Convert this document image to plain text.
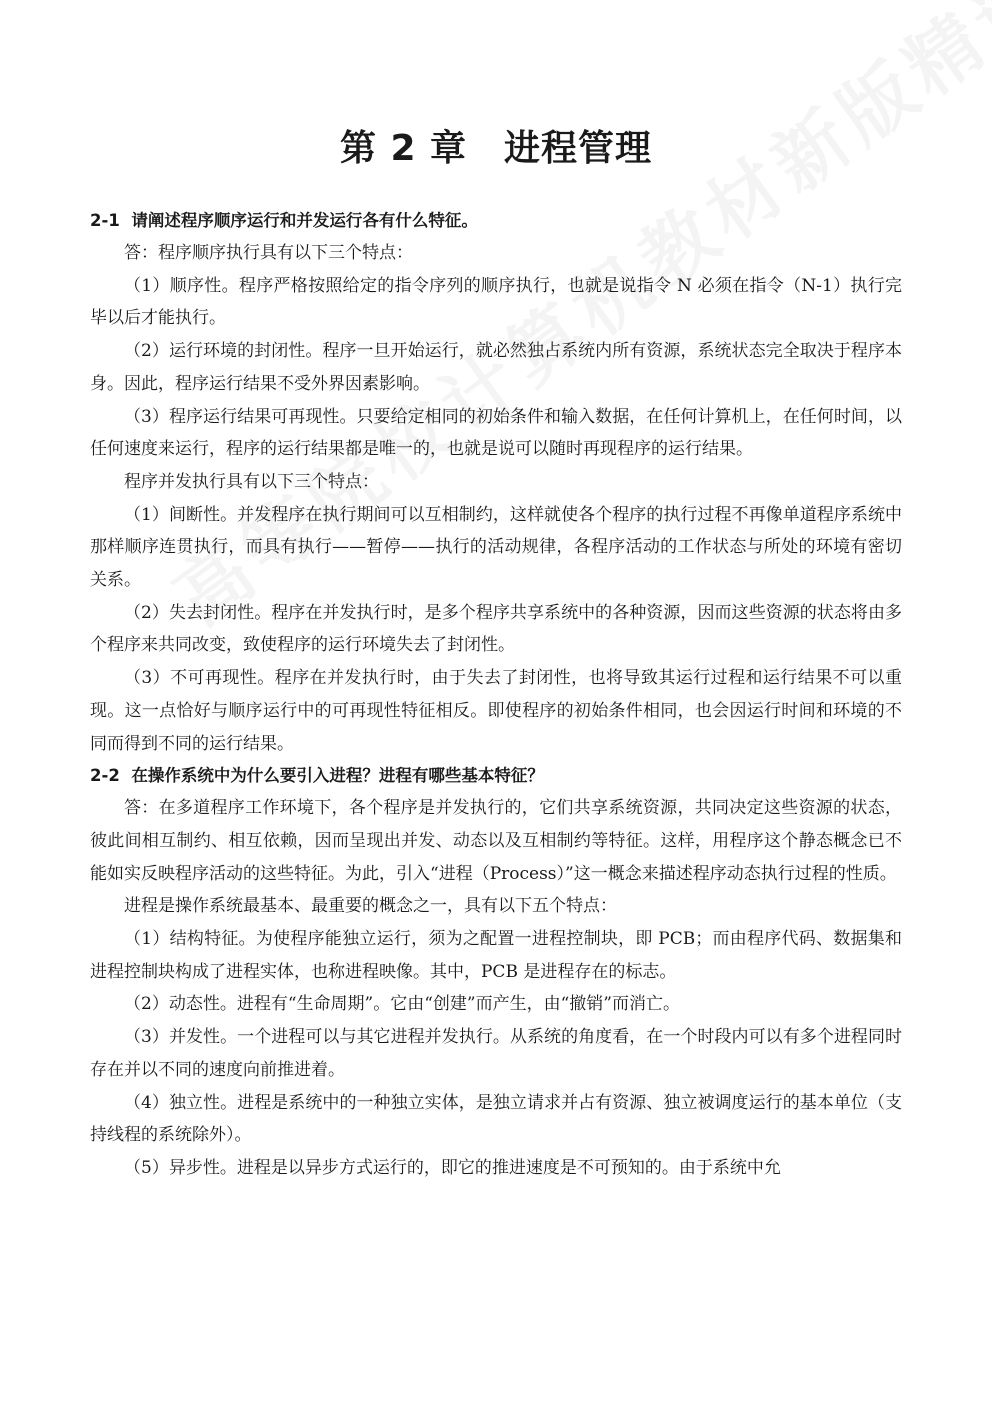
第 2 章　进程管理

2-1 请阐述程序顺序运行和并发运行各有什么特征。

答：程序顺序执行具有以下三个特点：

（1）顺序性。程序严格按照给定的指令序列的顺序执行，也就是说指令 N 必须在指令（N-1）执行完毕以后才能执行。

（2）运行环境的封闭性。程序一旦开始运行，就必然独占系统内所有资源，系统状态完全取决于程序本身。因此，程序运行结果不受外界因素影响。

（3）程序运行结果可再现性。只要给定相同的初始条件和输入数据，在任何计算机上，在任何时间，以任何速度来运行，程序的运行结果都是唯一的，也就是说可以随时再现程序的运行结果。

程序并发执行具有以下三个特点：

（1）间断性。并发程序在执行期间可以互相制约，这样就使各个程序的执行过程不再像单道程序系统中那样顺序连贯执行，而具有执行——暂停——执行的活动规律，各程序活动的工作状态与所处的环境有密切关系。

（2）失去封闭性。程序在并发执行时，是多个程序共享系统中的各种资源，因而这些资源的状态将由多个程序来共同改变，致使程序的运行环境失去了封闭性。

（3）不可再现性。程序在并发执行时，由于失去了封闭性，也将导致其运行过程和运行结果不可以重现。这一点恰好与顺序运行中的可再现性特征相反。即使程序的初始条件相同，也会因运行时间和环境的不同而得到不同的运行结果。

2-2 在操作系统中为什么要引入进程？进程有哪些基本特征？

答：在多道程序工作环境下，各个程序是并发执行的，它们共享系统资源，共同决定这些资源的状态，彼此间相互制约、相互依赖，因而呈现出并发、动态以及互相制约等特征。这样，用程序这个静态概念已不能如实反映程序活动的这些特征。为此，引入“进程（Process）”这一概念来描述程序动态执行过程的性质。

进程是操作系统最基本、最重要的概念之一，具有以下五个特点：

（1）结构特征。为使程序能独立运行，须为之配置一进程控制块，即 PCB；而由程序代码、数据集和进程控制块构成了进程实体，也称进程映像。其中，PCB 是进程存在的标志。

（2）动态性。进程有“生命周期”。它由“创建”而产生，由“撤销”而消亡。

（3）并发性。一个进程可以与其它进程并发执行。从系统的角度看，在一个时段内可以有多个进程同时存在并以不同的速度向前推进着。

（4）独立性。进程是系统中的一种独立实体，是独立请求并占有资源、独立被调度运行的基本单位（支持线程的系统除外）。

（5）异步性。进程是以异步方式运行的，即它的推进速度是不可预知的。由于系统中允
